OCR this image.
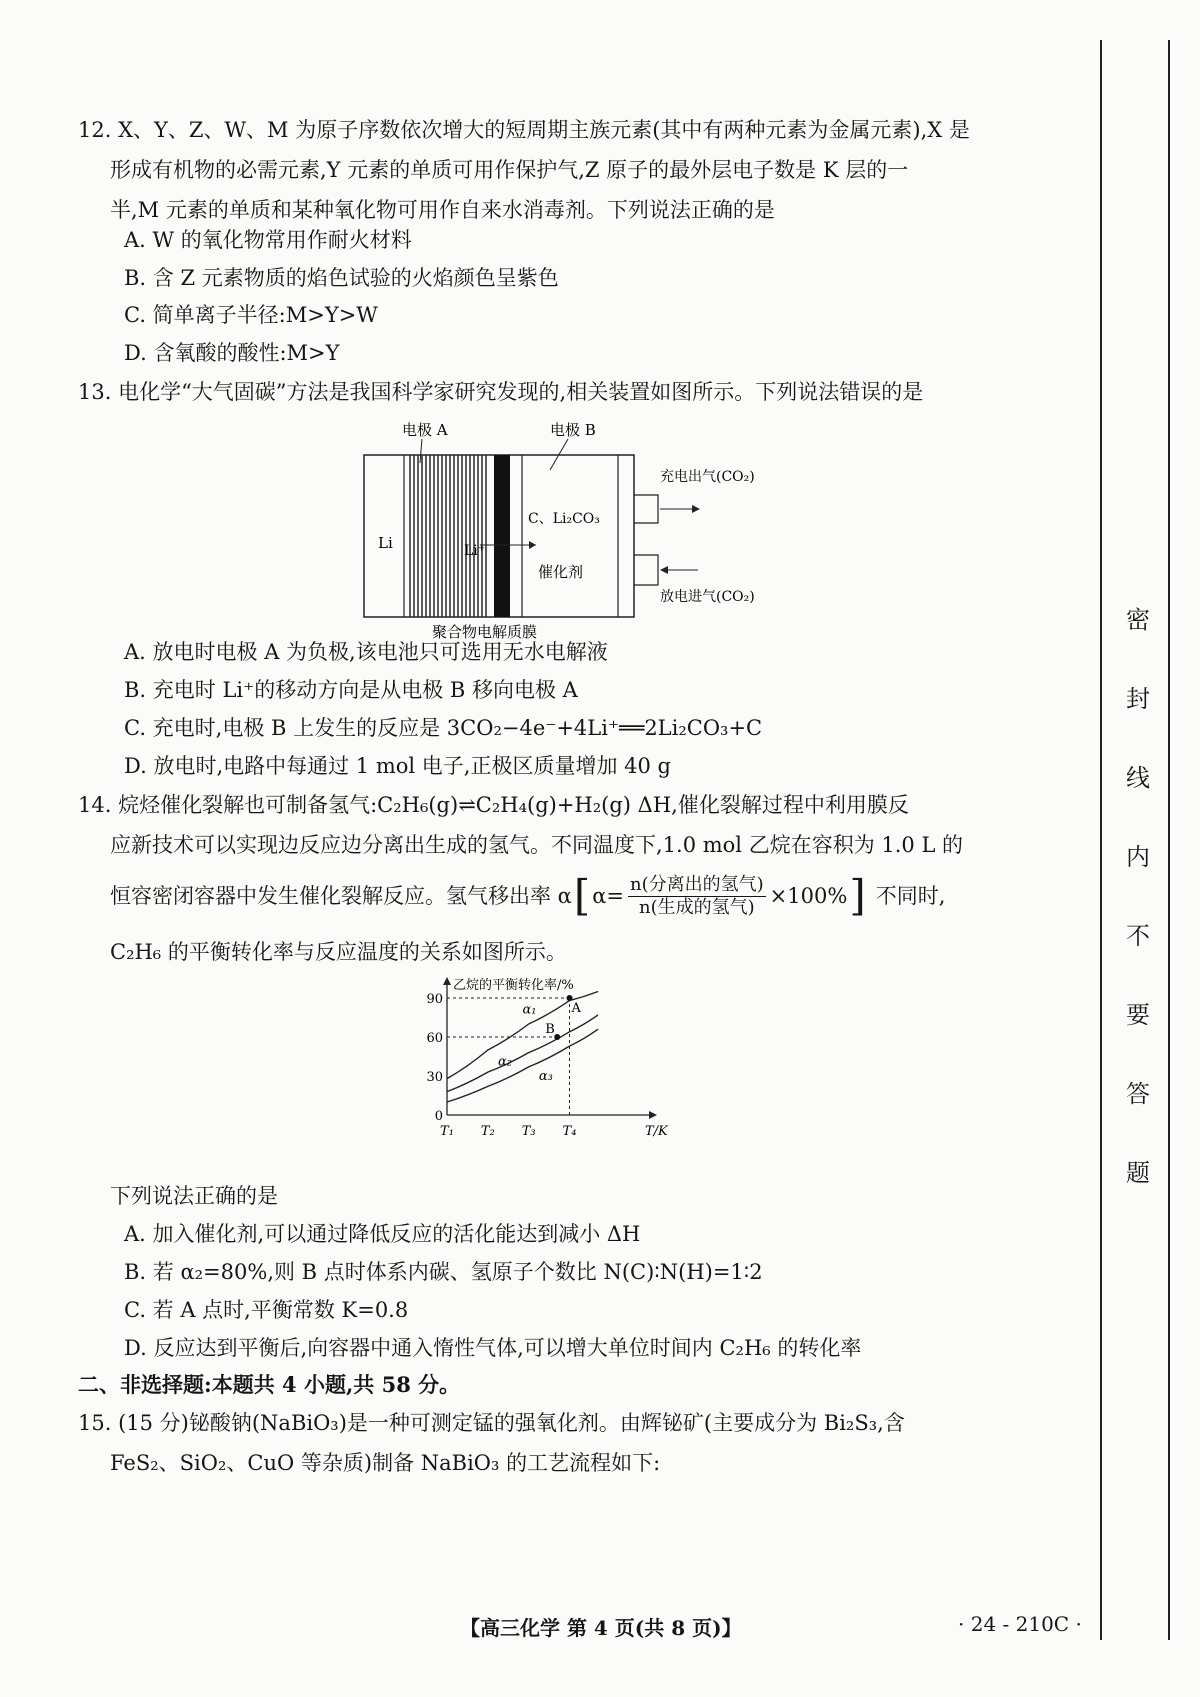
12. X、Y、Z、W、M 为原子序数依次增大的短周期主族元素(其中有两种元素为金属元素),X 是
形成有机物的必需元素,Y 元素的单质可用作保护气,Z 原子的最外层电子数是 K 层的一
半,M 元素的单质和某种氧化物可用作自来水消毒剂。下列说法正确的是
A. W 的氧化物常用作耐火材料
B. 含 Z 元素物质的焰色试验的火焰颜色呈紫色
C. 简单离子半径:M>Y>W
D. 含氧酸的酸性:M>Y
13. 电化学“大气固碳”方法是我国科学家研究发现的,相关装置如图所示。下列说法错误的是
电极 A	电极 B
Li	Li⁺
C、Li₂CO₃
催化剂
充电出气(CO₂)
放电进气(CO₂)
聚合物电解质膜
A. 放电时电极 A 为负极,该电池只可选用无水电解液
B. 充电时 Li⁺的移动方向是从电极 B 移向电极 A
C. 充电时,电极 B 上发生的反应是 3CO₂−4e⁻+4Li⁺══2Li₂CO₃+C
D. 放电时,电路中每通过 1 mol 电子,正极区质量增加 40 g
14. 烷烃催化裂解也可制备氢气:C₂H₆(g)⇌C₂H₄(g)+H₂(g) ΔH,催化裂解过程中利用膜反
应新技术可以实现边反应边分离出生成的氢气。不同温度下,1.0 mol 乙烷在容积为 1.0 L 的
恒容密闭容器中发生催化裂解反应。氢气移出率 α [ α= n(分离出的氢气)
n(生成的氢气) ×100% ] 不同时,
C₂H₆ 的平衡转化率与反应温度的关系如图所示。
乙烷的平衡转化率/%
T/K
0
30
60
90
T₁ T₂ T₃ T₄
α₁
α₂
α₃
A
B
下列说法正确的是
A. 加入催化剂,可以通过降低反应的活化能达到减小 ΔH
B. 若 α₂=80%,则 B 点时体系内碳、氢原子个数比 N(C)∶N(H)=1∶2
C. 若 A 点时,平衡常数 K=0.8
D. 反应达到平衡后,向容器中通入惰性气体,可以增大单位时间内 C₂H₆ 的转化率
二、非选择题:本题共 4 小题,共 58 分。
15. (15 分)铋酸钠(NaBiO₃)是一种可测定锰的强氧化剂。由辉铋矿(主要成分为 Bi₂S₃,含
FeS₂、SiO₂、CuO 等杂质)制备 NaBiO₃ 的工艺流程如下:
【高三化学 第 4 页(共 8 页)】	· 24 - 210C ·
密
封
线
内
不
要
答
题
